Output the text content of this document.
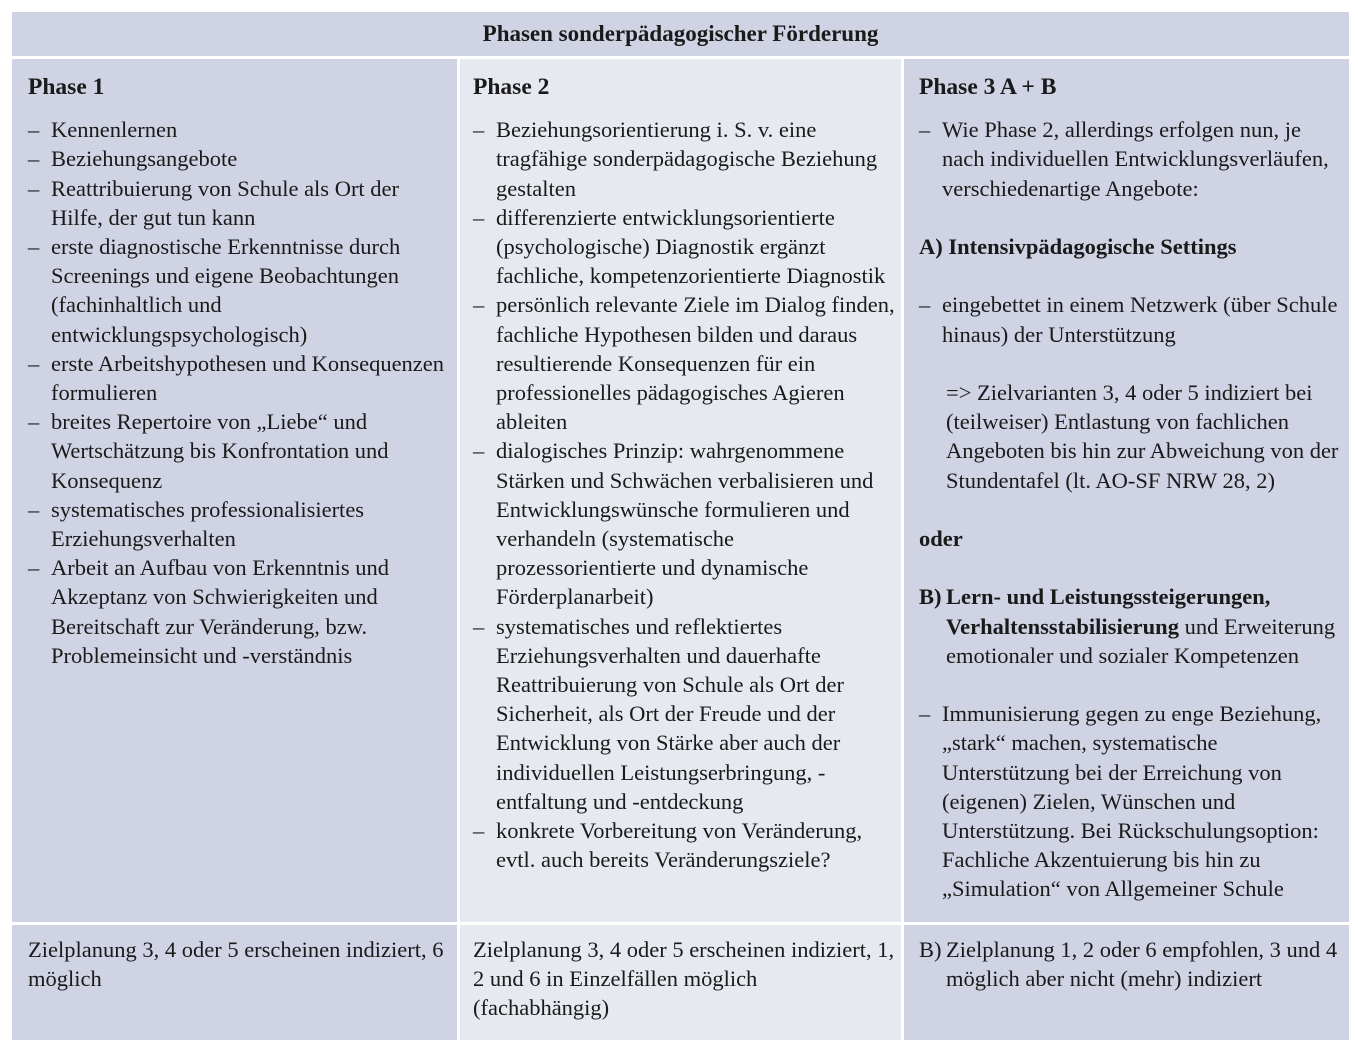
Phasen sonderpädagogischer Förderung
Phase 1
– Kennenlernen
– Beziehungsangebote
– Reattribuierung von Schule als Ort der Hilfe, der gut tun kann
– erste diagnostische Erkenntnisse durch Screenings und eigene Beobachtungen (fachinhaltlich und entwicklungspsychologisch)
– erste Arbeitshypothesen und Konsequenzen formulieren
– breites Repertoire von „Liebe“ und Wertschätzung bis Konfrontation und Konsequenz
– systematisches professionalisiertes Erziehungsverhalten
– Arbeit an Aufbau von Erkenntnis und Akzeptanz von Schwierigkeiten und Bereitschaft zur Veränderung, bzw. Problemeinsicht und -verständnis
Phase 2
– Beziehungsorientierung i. S. v. eine tragfähige sonderpädagogische Beziehung gestalten
– differenzierte entwicklungsorientierte (psychologische) Diagnostik ergänzt fachliche, kompetenzorientierte Diagnostik
– persönlich relevante Ziele im Dialog finden, fachliche Hypothesen bilden und daraus resultierende Konsequenzen für ein professionelles pädagogisches Agieren ableiten
– dialogisches Prinzip: wahrgenommene Stärken und Schwächen verbalisieren und Entwicklungswünsche formulieren und verhandeln (systematische prozessorientierte und dynamische Förderplanarbeit)
– systematisches und reflektiertes Erziehungsverhalten und dauerhafte Reattribuierung von Schule als Ort der Sicherheit, als Ort der Freude und der Entwicklung von Stärke aber auch der individuellen Leistungserbringung, -entfaltung und -entdeckung
– konkrete Vorbereitung von Veränderung, evtl. auch bereits Veränderungsziele?
Phase 3 A + B
– Wie Phase 2, allerdings erfolgen nun, je nach individuellen Entwicklungsverläufen, verschiedenartige Angebote:
A) Intensivpädagogische Settings
– eingebettet in einem Netzwerk (über Schule hinaus) der Unterstützung
=> Zielvarianten 3, 4 oder 5 indiziert bei (teilweiser) Entlastung von fachlichen Angeboten bis hin zur Abweichung von der Stundentafel (lt. AO-SF NRW 28, 2)
oder
B) Lern- und Leistungssteigerungen, Verhaltensstabilisierung und Erweiterung emotionaler und sozialer Kompetenzen
– Immunisierung gegen zu enge Beziehung, „stark“ machen, systematische Unterstützung bei der Erreichung von (eigenen) Zielen, Wünschen und Unterstützung. Bei Rückschulungsoption: Fachliche Akzentuierung bis hin zu „Simulation“ von Allgemeiner Schule
Zielplanung 3, 4 oder 5 erscheinen indiziert, 6 möglich
Zielplanung 3, 4 oder 5 erscheinen indiziert, 1, 2 und 6 in Einzelfällen möglich (fachabhängig)
B) Zielplanung 1, 2 oder 6 empfohlen, 3 und 4 möglich aber nicht (mehr) indiziert
